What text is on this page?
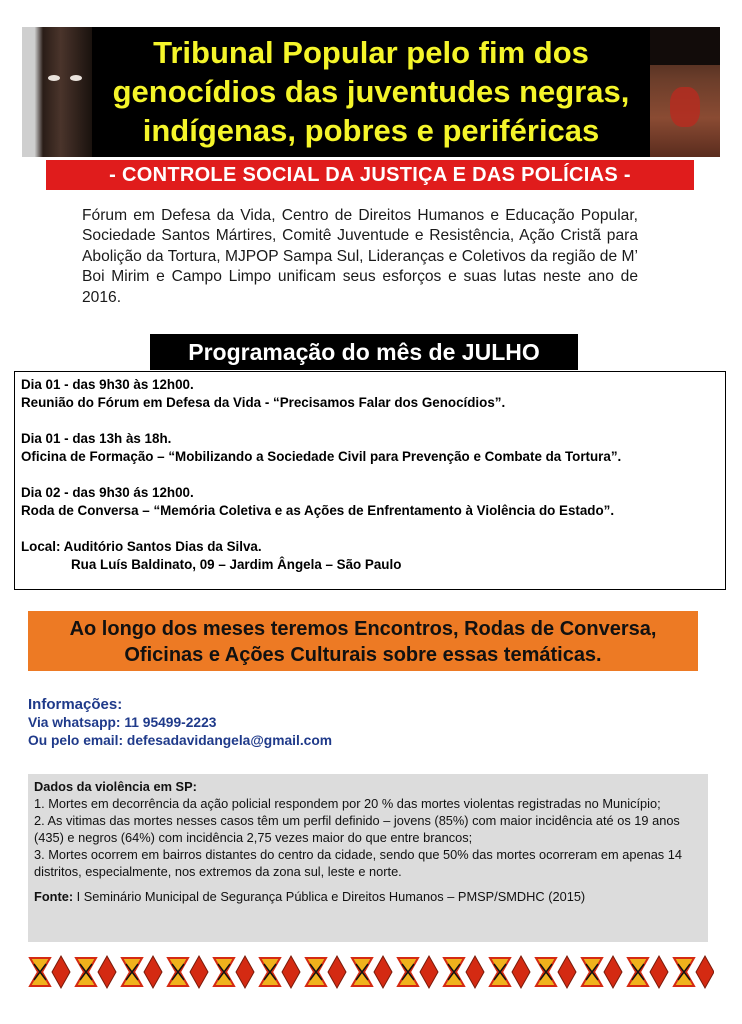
Tribunal Popular pelo fim dos
genocídios das juventudes negras,
indígenas, pobres e periféricas
- CONTROLE SOCIAL DA JUSTIÇA E DAS POLÍCIAS -
Fórum em Defesa da Vida, Centro de Direitos Humanos e Educação Popular, Sociedade Santos Mártires, Comitê Juventude e Resistência, Ação Cristã para Abolição da Tortura, MJPOP Sampa Sul, Lideranças e Coletivos da região de M’ Boi Mirim e Campo Limpo unificam seus esforços e suas lutas neste ano de 2016.
Programação do mês de JULHO
Dia 01 - das 9h30 às 12h00.
Reunião do Fórum em Defesa da Vida - “Precisamos Falar dos Genocídios”.
Dia 01 - das 13h às 18h.
Oficina de Formação – “Mobilizando a Sociedade Civil para Prevenção e Combate da Tortura”.
Dia 02 - das 9h30 ás 12h00.
Roda de Conversa – “Memória Coletiva e as Ações de Enfrentamento à Violência do Estado”.
Local: Auditório Santos Dias da Silva.
Rua Luís Baldinato, 09 – Jardim Ângela – São Paulo
Ao longo dos meses teremos Encontros, Rodas de Conversa,
Oficinas e Ações Culturais sobre essas temáticas.
Informações:
Via whatsapp: 11 95499-2223
Ou pelo email: defesadavidangela@gmail.com
Dados da violência em SP:
1. Mortes em decorrência da ação policial respondem por 20 % das mortes violentas registradas no Município;
2. As vitimas das mortes nesses casos têm um perfil definido – jovens (85%) com maior incidência até os 19 anos (435) e negros (64%) com incidência 2,75 vezes maior do que entre brancos;
3. Mortes ocorrem em bairros distantes do centro da cidade, sendo que 50% das mortes ocorreram em apenas 14 distritos, especialmente, nos extremos da zona sul, leste e norte.
Fonte: I Seminário Municipal de Segurança Pública e Direitos Humanos – PMSP/SMDHC (2015)
